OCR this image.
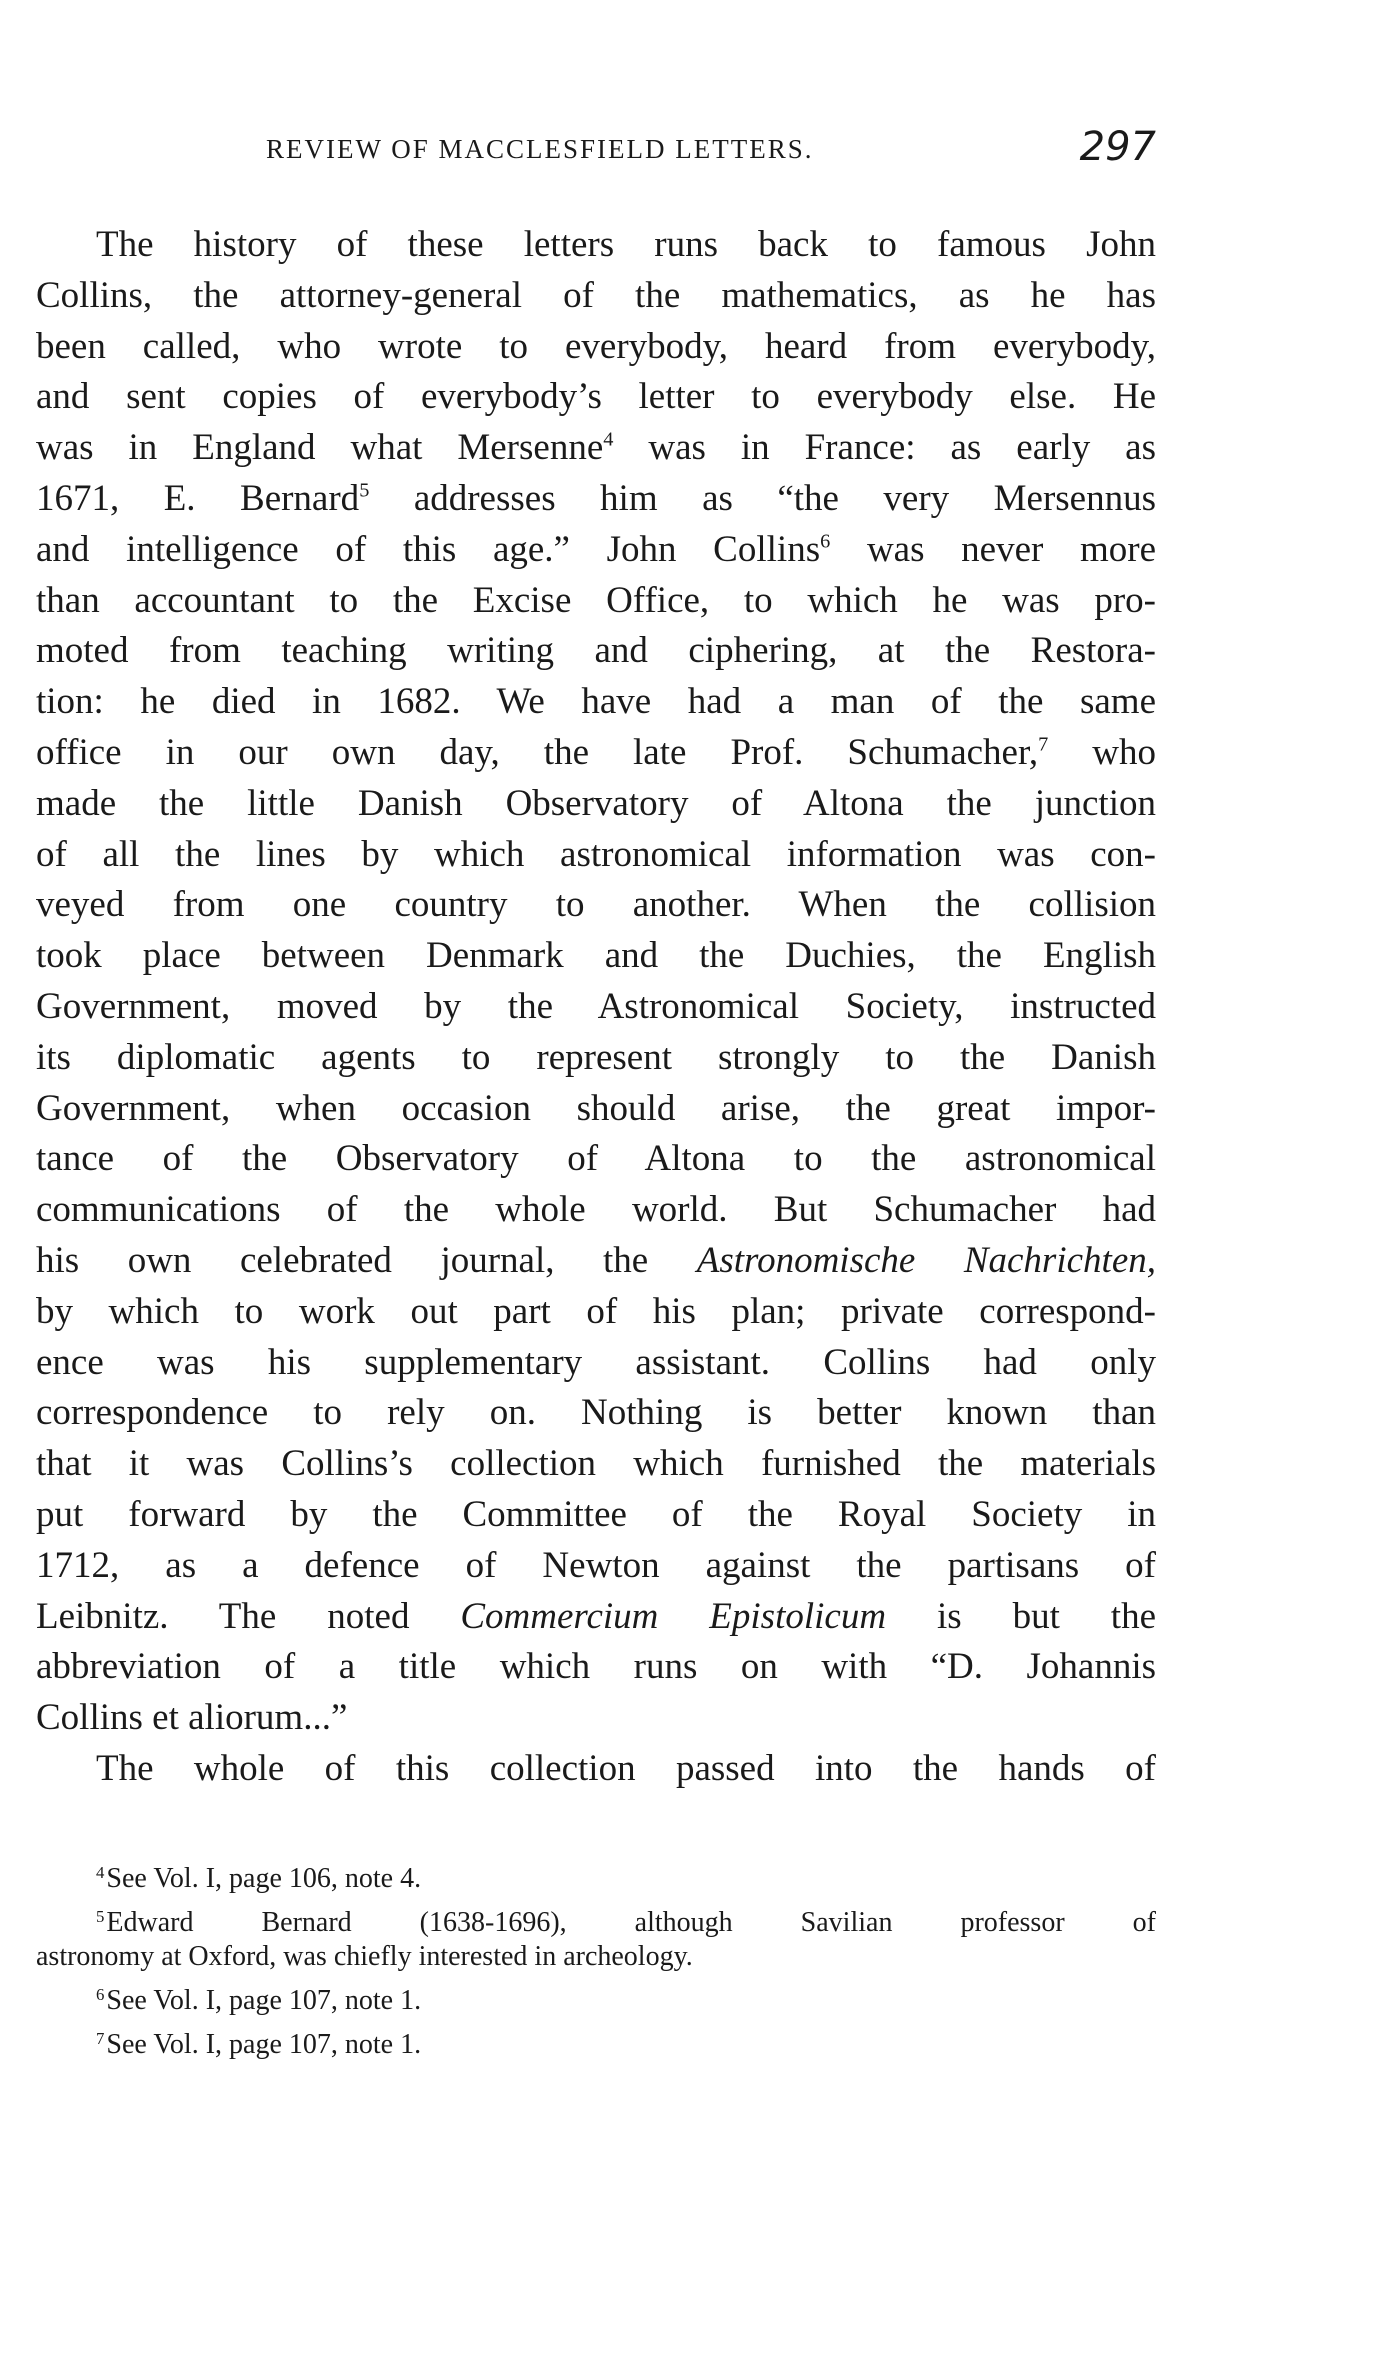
REVIEW OF MACCLESFIELD LETTERS.	297
The history of these letters runs back to famous John
Collins, the attorney-general of the mathematics, as he has
been called, who wrote to everybody, heard from everybody,
and sent copies of everybody’s letter to everybody else. He
was in England what Mersenne$^4$ was in France: as early as
1671, E. Bernard$^5$ addresses him as “the very Mersennus
and intelligence of this age.” John Collins$^6$ was never more
than accountant to the Excise Office, to which he was pro-
moted from teaching writing and ciphering, at the Restora-
tion: he died in 1682. We have had a man of the same
office in our own day, the late Prof. Schumacher,$^7$ who
made the little Danish Observatory of Altona the junction
of all the lines by which astronomical information was con-
veyed from one country to another. When the collision
took place between Denmark and the Duchies, the English
Government, moved by the Astronomical Society, instructed
its diplomatic agents to represent strongly to the Danish
Government, when occasion should arise, the great impor-
tance of the Observatory of Altona to the astronomical
communications of the whole world. But Schumacher had
his own celebrated journal, the Astronomische Nachrichten,
by which to work out part of his plan; private correspond-
ence was his supplementary assistant. Collins had only
correspondence to rely on. Nothing is better known than
that it was Collins’s collection which furnished the materials
put forward by the Committee of the Royal Society in
1712, as a defence of Newton against the partisans of
Leibnitz. The noted Commercium Epistolicum is but the
abbreviation of a title which runs on with “D. Johannis
Collins et aliorum...”
The whole of this collection passed into the hands of
$^4$See Vol. I, page 106, note 4.
$^5$Edward Bernard (1638-1696), although Savilian professor of
astronomy at Oxford, was chiefly interested in archeology.
$^6$See Vol. I, page 107, note 1.
$^7$See Vol. I, page 107, note 1.
